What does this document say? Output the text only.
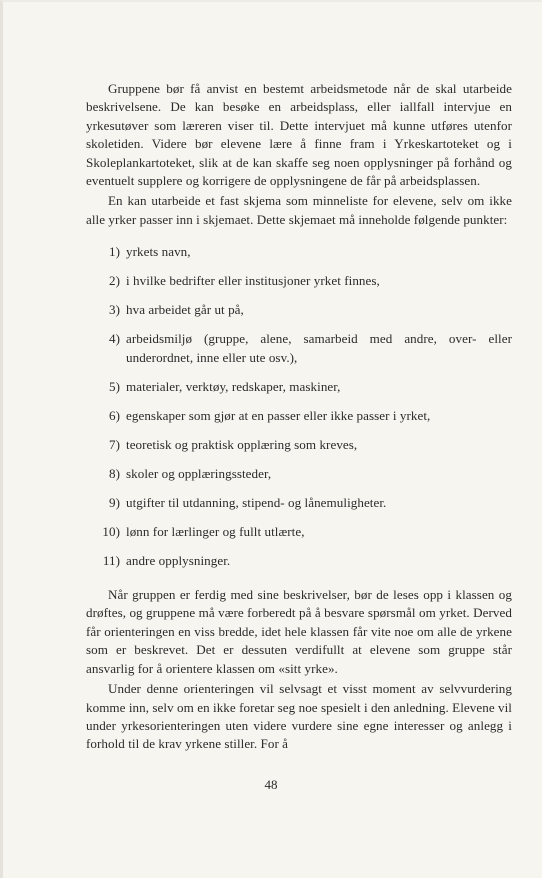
Gruppene bør få anvist en bestemt arbeidsmetode når de skal utarbeide beskrivelsene. De kan besøke en arbeidsplass, eller iallfall intervjue en yrkesutøver som læreren viser til. Dette intervjuet må kunne utføres utenfor skoletiden. Videre bør elevene lære å finne fram i Yrkeskartoteket og i Skoleplankartoteket, slik at de kan skaffe seg noen opplysninger på forhånd og eventuelt supplere og korrigere de opplysningene de får på arbeidsplassen.

En kan utarbeide et fast skjema som minneliste for elevene, selv om ikke alle yrker passer inn i skjemaet. Dette skjemaet må inneholde følgende punkter:

1) yrkets navn,
2) i hvilke bedrifter eller institusjoner yrket finnes,
3) hva arbeidet går ut på,
4) arbeidsmiljø (gruppe, alene, samarbeid med andre, over- eller underordnet, inne eller ute osv.),
5) materialer, verktøy, redskaper, maskiner,
6) egenskaper som gjør at en passer eller ikke passer i yrket,
7) teoretisk og praktisk opplæring som kreves,
8) skoler og opplæringssteder,
9) utgifter til utdanning, stipend- og lånemuligheter.
10) lønn for lærlinger og fullt utlærte,
11) andre opplysninger.

Når gruppen er ferdig med sine beskrivelser, bør de leses opp i klassen og drøftes, og gruppene må være forberedt på å besvare spørsmål om yrket. Derved får orienteringen en viss bredde, idet hele klassen får vite noe om alle de yrkene som er beskrevet. Det er dessuten verdifullt at elevene som gruppe står ansvarlig for å orientere klassen om «sitt yrke».

Under denne orienteringen vil selvsagt et visst moment av selvvurdering komme inn, selv om en ikke foretar seg noe spesielt i den anledning. Elevene vil under yrkesorienteringen uten videre vurdere sine egne interesser og anlegg i forhold til de krav yrkene stiller. For å

48
